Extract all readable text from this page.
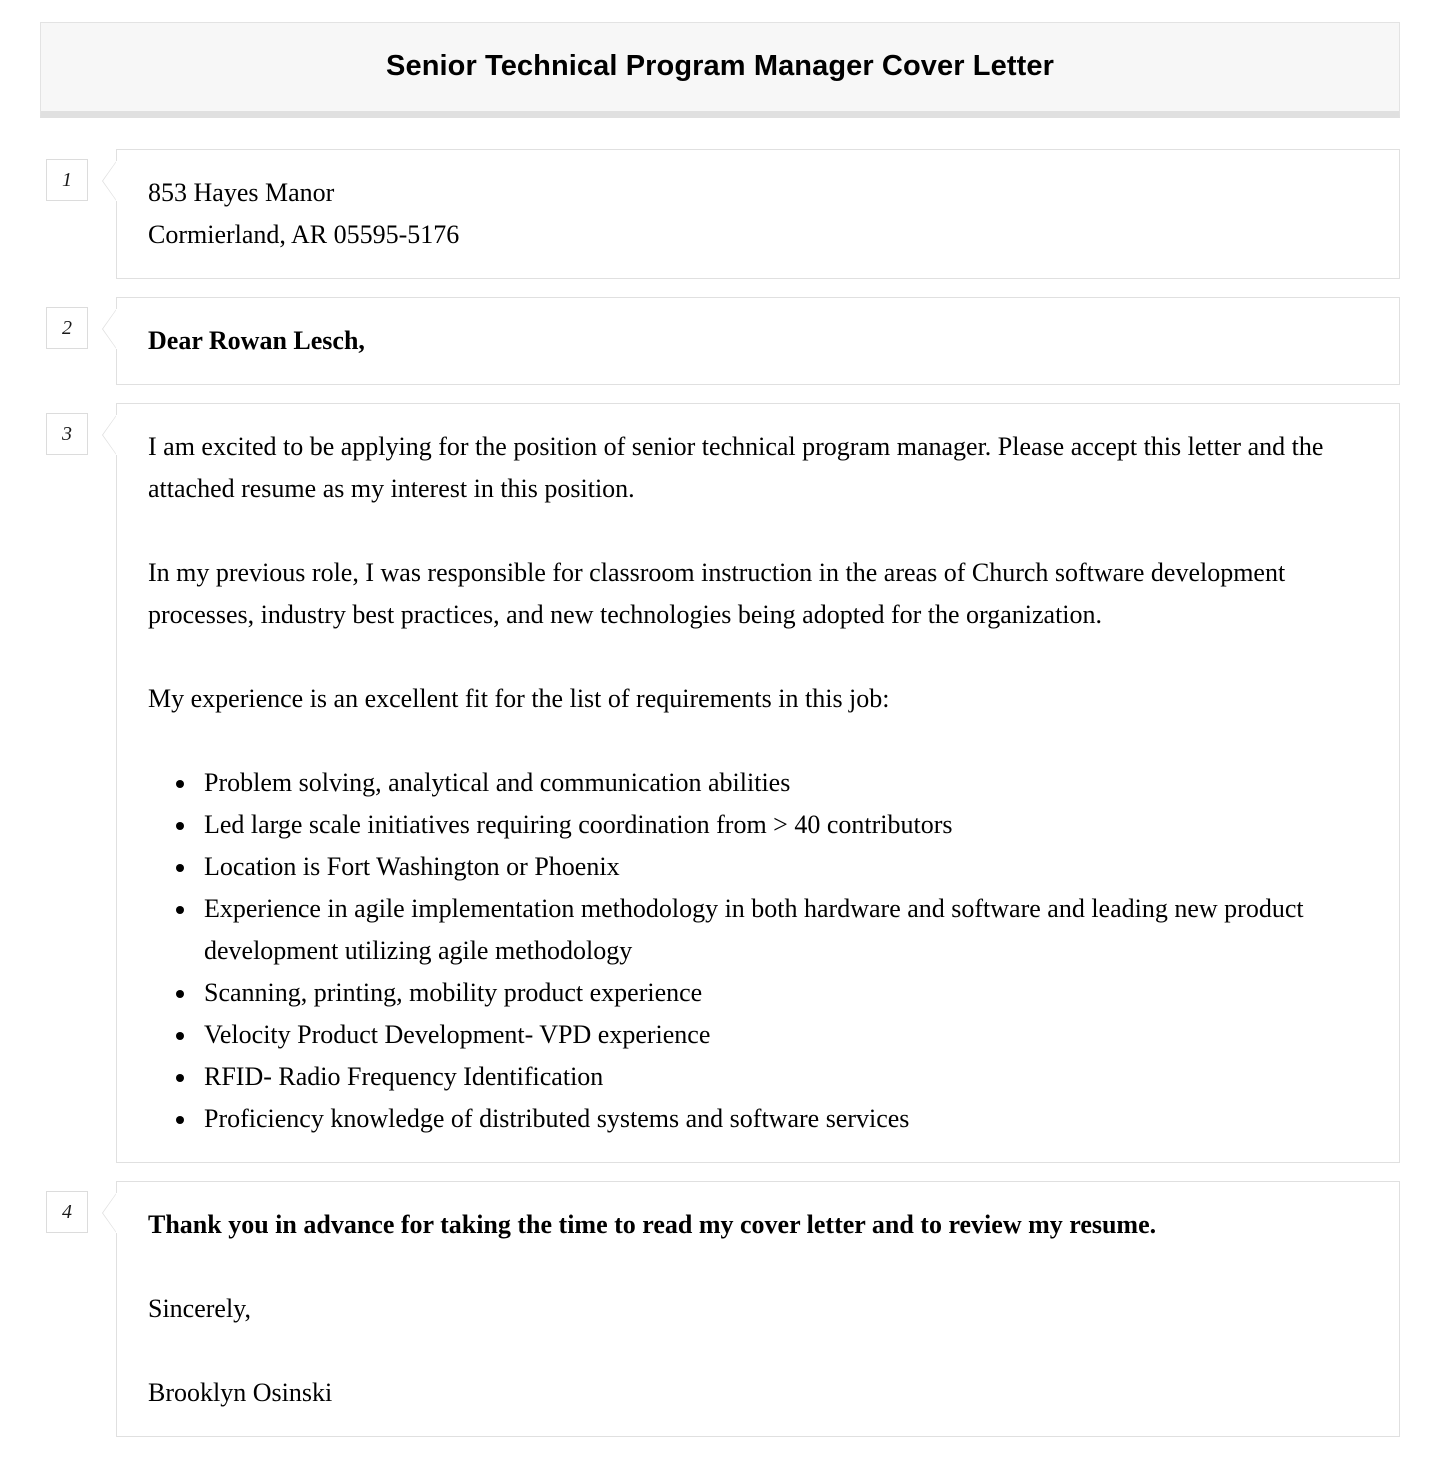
Senior Technical Program Manager Cover Letter
1	853 Hayes Manor
Cormierland, AR 05595-5176
2	Dear Rowan Lesch,
3	I am excited to be applying for the position of senior technical program manager. Please accept this letter and the attached resume as my interest in this position.

In my previous role, I was responsible for classroom instruction in the areas of Church software development processes, industry best practices, and new technologies being adopted for the organization.

My experience is an excellent fit for the list of requirements in this job:

• Problem solving, analytical and communication abilities
• Led large scale initiatives requiring coordination from > 40 contributors
• Location is Fort Washington or Phoenix
• Experience in agile implementation methodology in both hardware and software and leading new product development utilizing agile methodology
• Scanning, printing, mobility product experience
• Velocity Product Development- VPD experience
• RFID- Radio Frequency Identification
• Proficiency knowledge of distributed systems and software services
4	Thank you in advance for taking the time to read my cover letter and to review my resume.

Sincerely,

Brooklyn Osinski
